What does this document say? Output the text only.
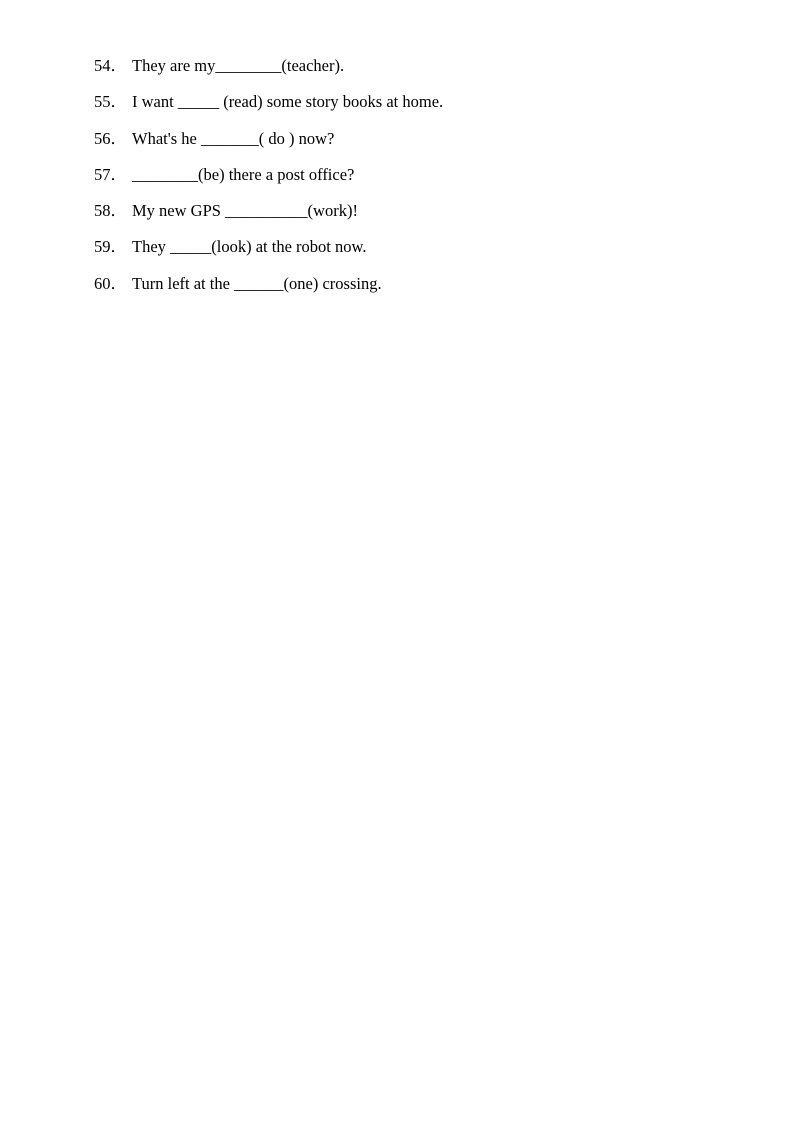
54． They are my________(teacher).
55． I want _____ (read) some story books at home.
56． What's he _______( do ) now?
57． ________(be) there a post office?
58． My new GPS __________(work)!
59． They _____(look) at the robot now.
60． Turn left at the ______(one) crossing.
